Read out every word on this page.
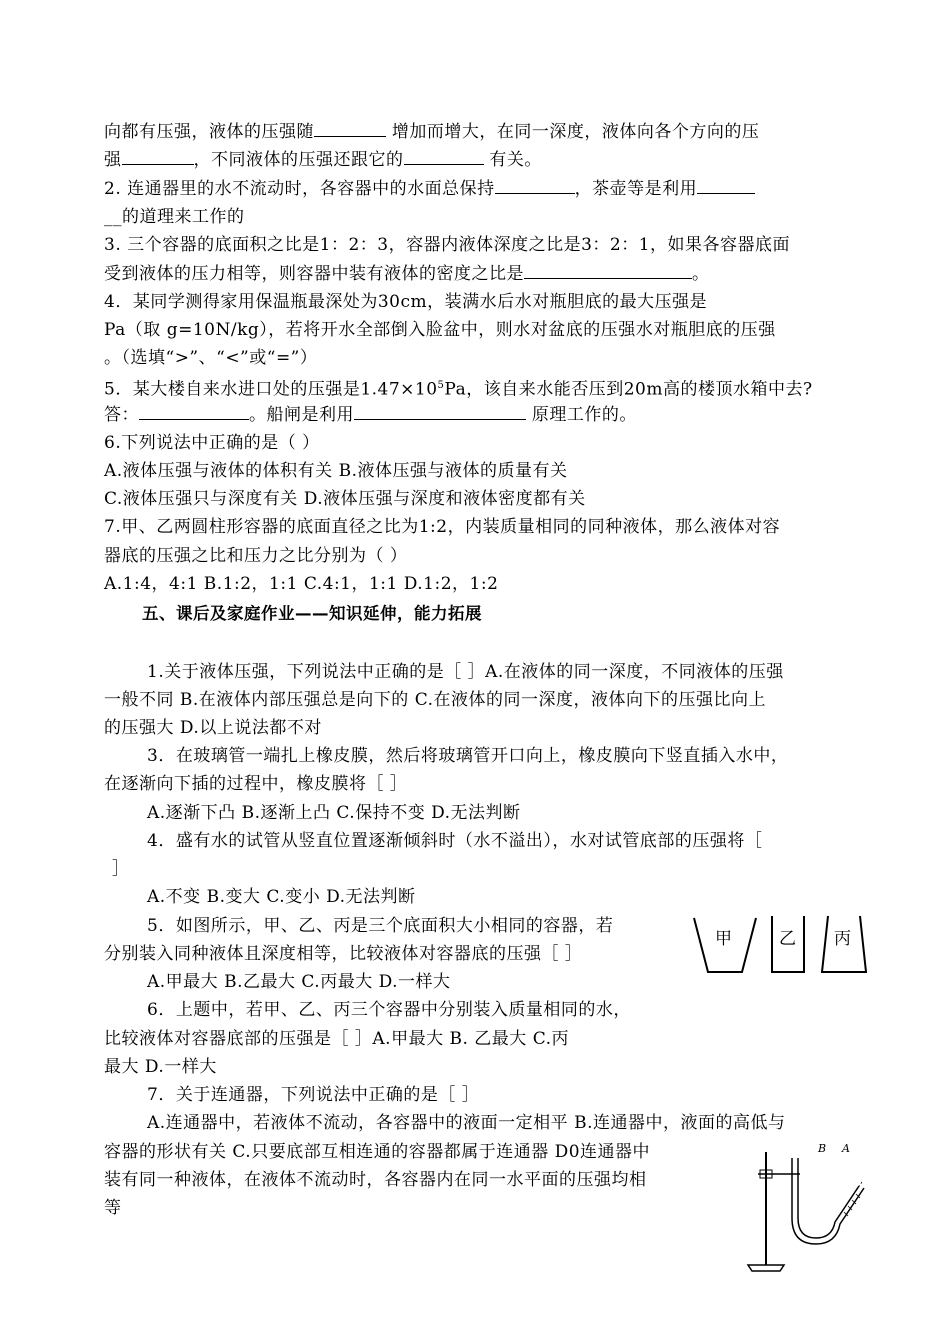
向都有压强，液体的压强随	增加而增大，在同一深度，液体向各个方向的压
强	，不同液体的压强还跟它的	有关。
2. 连通器里的水不流动时，各容器中的水面总保持	，茶壶等是利用
__的道理来工作的
3. 三个容器的底面积之比是1：2：3，容器内液体深度之比是3：2：1，如果各容器底面
受到液体的压力相等，则容器中装有液体的密度之比是	。
4．某同学测得家用保温瓶最深处为30cm，装满水后水对瓶胆底的最大压强是
Pa（取 g=10N/kg），若将开水全部倒入脸盆中，则水对盆底的压强水对瓶胆底的压强
。（选填“>”、“<”或“=”）
5．某大楼自来水进口处的压强是$1.47\times 10^5Pa$，该自来水能否压到20m高的楼顶水箱中去?
答：	。船闸是利用	原理工作的。
6.下列说法中正确的是（ ）
A.液体压强与液体的体积有关 B.液体压强与液体的质量有关
C.液体压强只与深度有关 D.液体压强与深度和液体密度都有关
7.甲、乙两圆柱形容器的底面直径之比为1:2，内装质量相同的同种液体，那么液体对容
器底的压强之比和压力之比分别为（ ）
A.1:4，4:1 B.1:2，1:1 C.4:1，1:1 D.1:2，1:2
五、课后及家庭作业——知识延伸，能力拓展
1.关于液体压强，下列说法中正确的是［ ］A.在液体的同一深度，不同液体的压强
一般不同 B.在液体内部压强总是向下的 C.在液体的同一深度，液体向下的压强比向上
的压强大 D.以上说法都不对
3．在玻璃管一端扎上橡皮膜，然后将玻璃管开口向上，橡皮膜向下竖直插入水中，
在逐渐向下插的过程中，橡皮膜将［ ］
A.逐渐下凸 B.逐渐上凸 C.保持不变 D.无法判断
4．盛有水的试管从竖直位置逐渐倾斜时（水不溢出），水对试管底部的压强将［
］
A.不变 B.变大 C.变小 D.无法判断
5．如图所示，甲、乙、丙是三个底面积大小相同的容器，若
分别装入同种液体且深度相等，比较液体对容器底的压强［ ］
A.甲最大 B.乙最大 C.丙最大 D.一样大
6．上题中，若甲、乙、丙三个容器中分别装入质量相同的水，
比较液体对容器底部的压强是［ ］A.甲最大 B. 乙最大 C.丙
最大 D.一样大
7．关于连通器，下列说法中正确的是［ ］
A.连通器中，若液体不流动，各容器中的液面一定相平 B.连通器中，液面的高低与
容器的形状有关 C.只要底部互相连通的容器都属于连通器 D0连通器中
装有同一种液体，在液体不流动时，各容器内在同一水平面的压强均相
等
甲	乙 丙
B A
